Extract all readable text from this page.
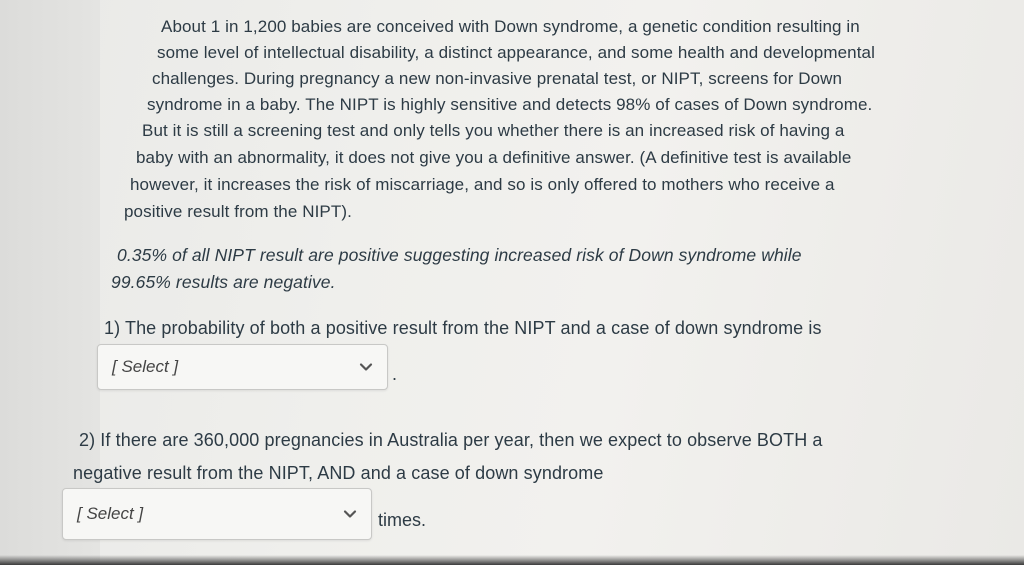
About 1 in 1,200 babies are conceived with Down syndrome, a genetic condition resulting in
some level of intellectual disability, a distinct appearance, and some health and developmental
challenges. During pregnancy a new non-invasive prenatal test, or NIPT, screens for Down
syndrome in a baby. The NIPT is highly sensitive and detects 98% of cases of Down syndrome.
But it is still a screening test and only tells you whether there is an increased risk of having a
baby with an abnormality, it does not give you a definitive answer. (A definitive test is available
however, it increases the risk of miscarriage, and so is only offered to mothers who receive a
positive result from the NIPT).
0.35% of all NIPT result are positive suggesting increased risk of Down syndrome while
99.65% results are negative.
1) The probability of both a positive result from the NIPT and a case of down syndrome is
[ Select ]	.
2) If there are 360,000 pregnancies in Australia per year, then we expect to observe BOTH a
negative result from the NIPT, AND and a case of down syndrome
[ Select ]	times.
